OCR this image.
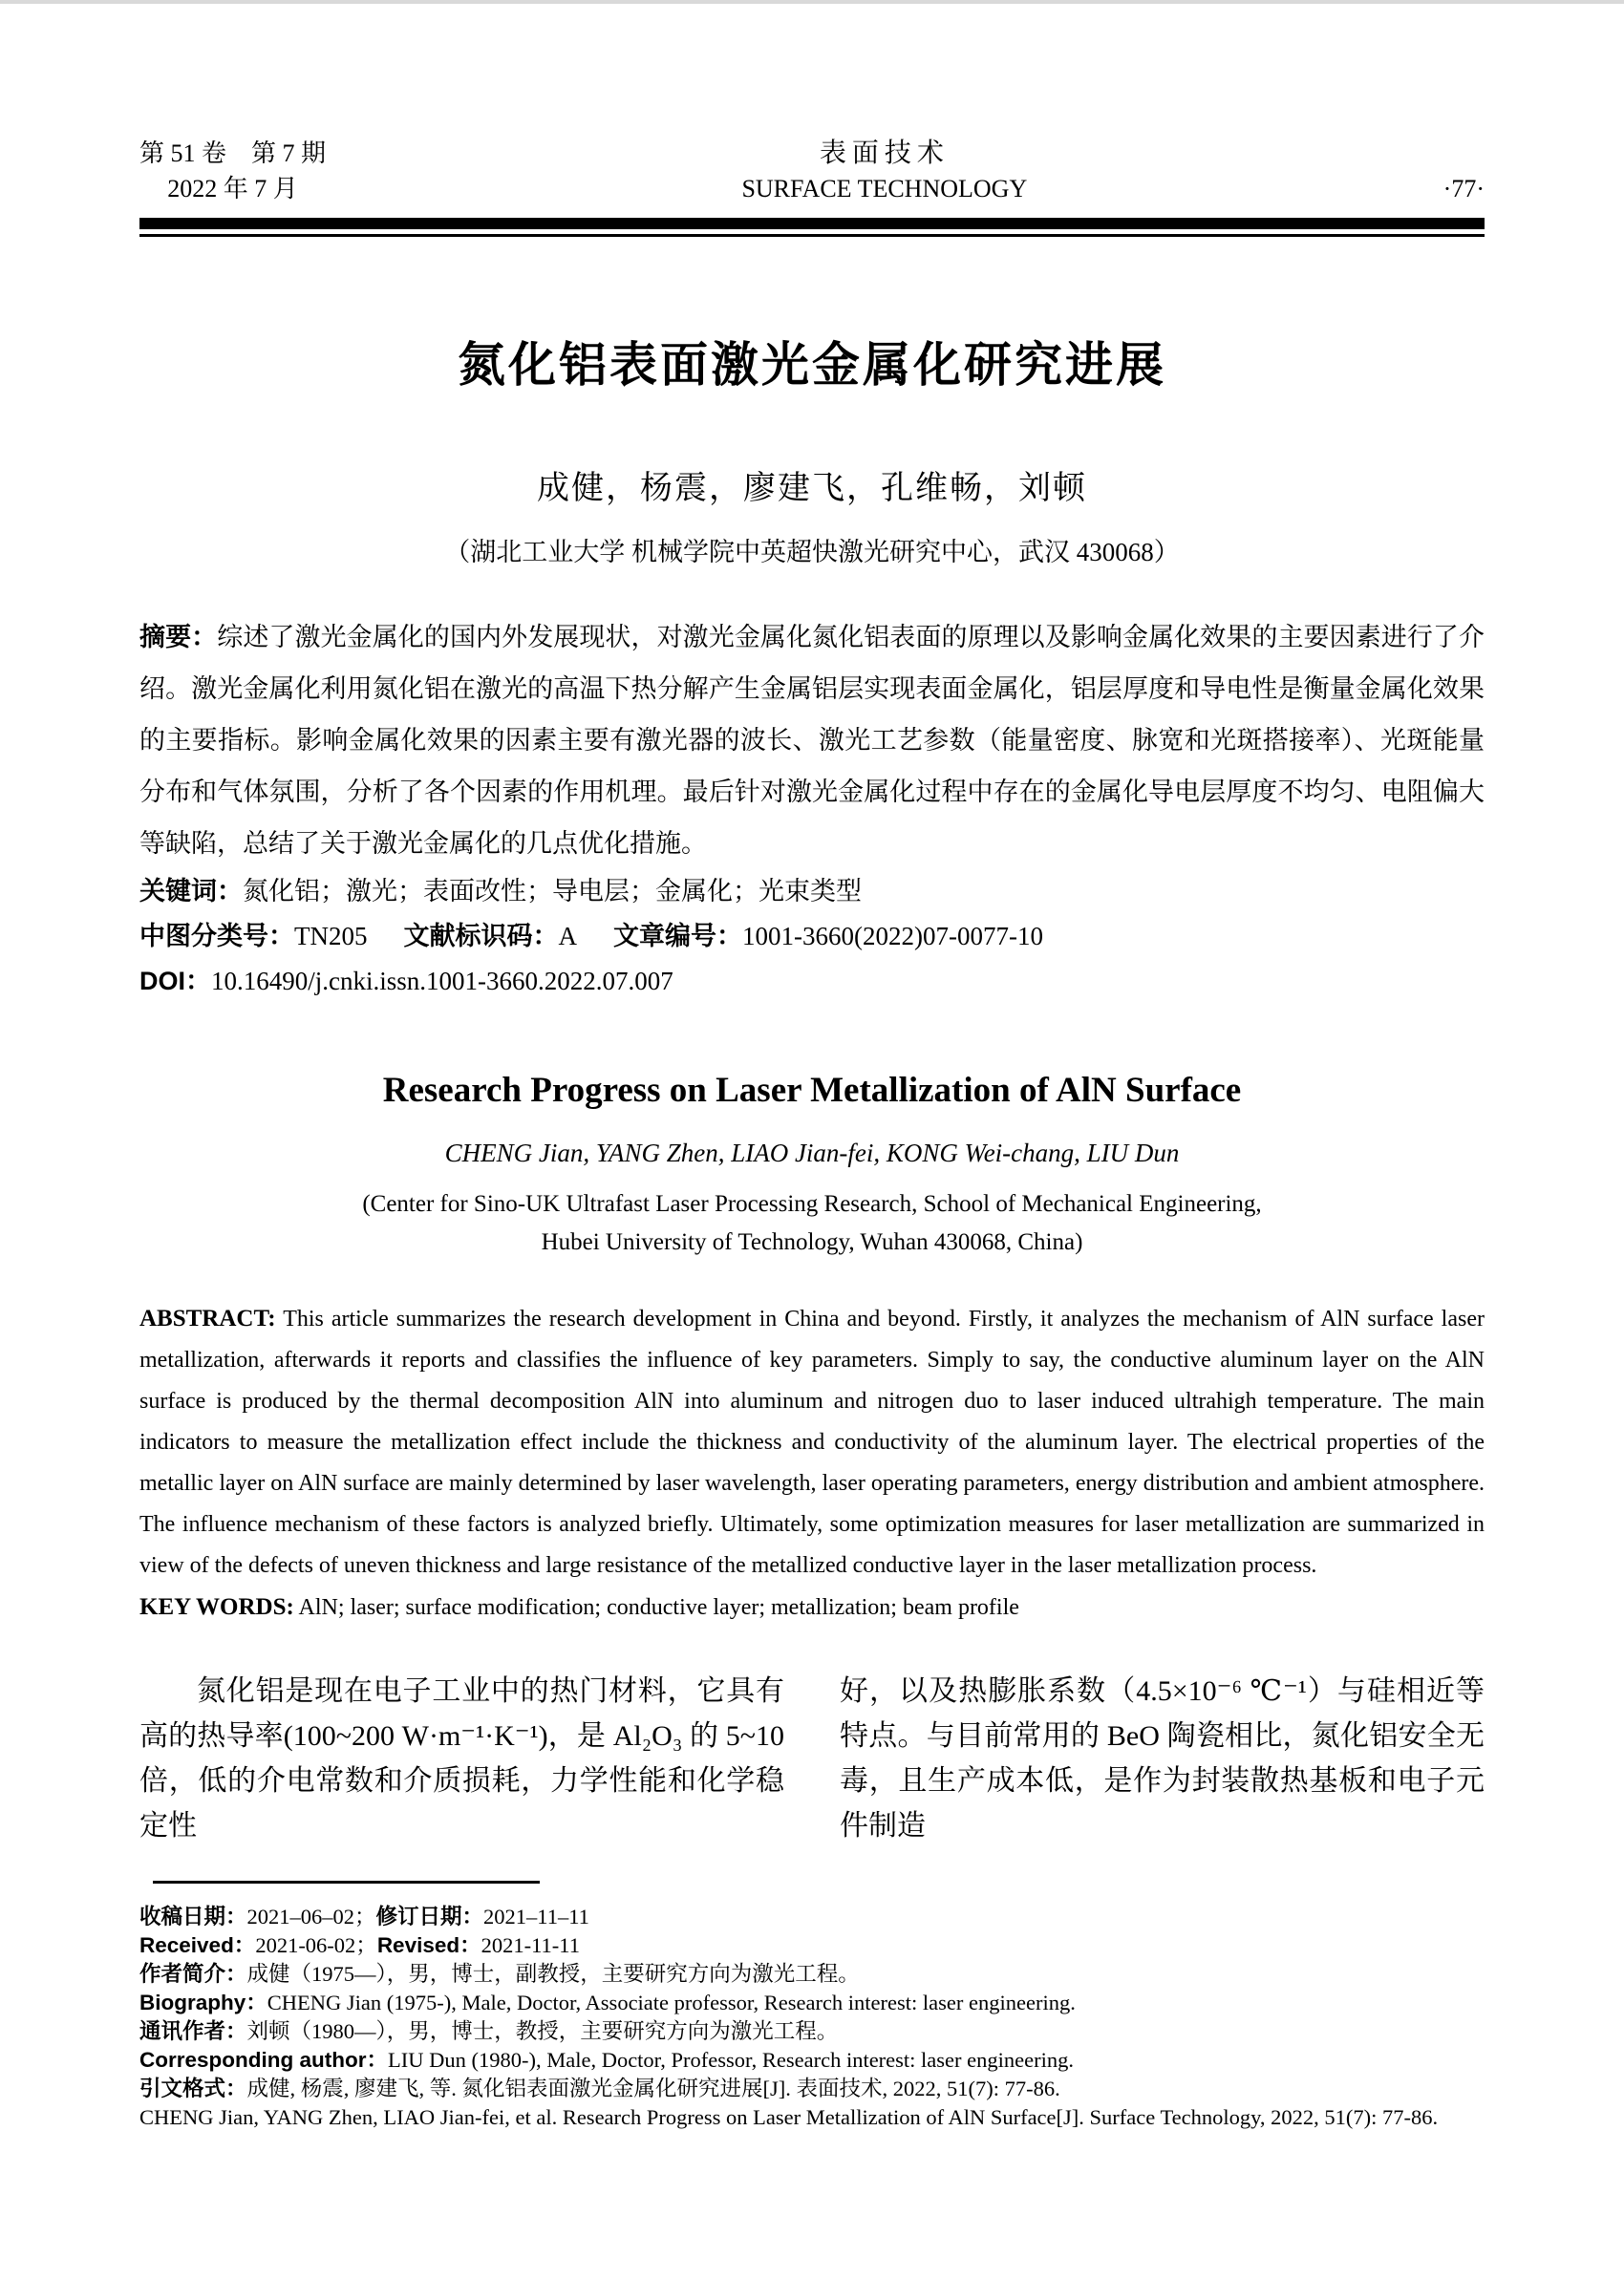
第 51 卷　第 7 期
2022 年 7 月
表面技术
SURFACE TECHNOLOGY	·77·
氮化铝表面激光金属化研究进展
成健，杨震，廖建飞，孔维畅，刘顿
（湖北工业大学 机械学院中英超快激光研究中心，武汉 430068）

摘要：综述了激光金属化的国内外发展现状，对激光金属化氮化铝表面的原理以及影响金属化效果的主要因素进行了介绍。激光金属化利用氮化铝在激光的高温下热分解产生金属铝层实现表面金属化，铝层厚度和导电性是衡量金属化效果的主要指标。影响金属化效果的因素主要有激光器的波长、激光工艺参数（能量密度、脉宽和光斑搭接率）、光斑能量分布和气体氛围，分析了各个因素的作用机理。最后针对激光金属化过程中存在的金属化导电层厚度不均匀、电阻偏大等缺陷，总结了关于激光金属化的几点优化措施。

关键词：氮化铝；激光；表面改性；导电层；金属化；光束类型

中图分类号：TN205 文献标识码：A 文章编号：1001-3660(2022)07-0077-10

DOI：10.16490/j.cnki.issn.1001-3660.2022.07.007

Research Progress on Laser Metallization of AlN Surface
CHENG Jian, YANG Zhen, LIAO Jian-fei, KONG Wei-chang, LIU Dun
(Center for Sino-UK Ultrafast Laser Processing Research, School of Mechanical Engineering,
Hubei University of Technology, Wuhan 430068, China)

ABSTRACT: This article summarizes the research development in China and beyond. Firstly, it analyzes the mechanism of AlN surface laser metallization, afterwards it reports and classifies the influence of key parameters. Simply to say, the conductive aluminum layer on the AlN surface is produced by the thermal decomposition AlN into aluminum and nitrogen duo to laser induced ultrahigh temperature. The main indicators to measure the metallization effect include the thickness and conductivity of the aluminum layer. The electrical properties of the metallic layer on AlN surface are mainly determined by laser wavelength, laser operating parameters, energy distribution and ambient atmosphere. The influence mechanism of these factors is analyzed briefly. Ultimately, some optimization measures for laser metallization are summarized in view of the defects of uneven thickness and large resistance of the metallized conductive layer in the laser metallization process.

KEY WORDS: AlN; laser; surface modification; conductive layer; metallization; beam profile

氮化铝是现在电子工业中的热门材料，它具有高的热导率(100~200 W·m⁻¹·K⁻¹)，是 Al₂O₃ 的 5~10 倍，低的介电常数和介质损耗，力学性能和化学稳定性

好，以及热膨胀系数（4.5×10⁻⁶ ℃⁻¹）与硅相近等特点。与目前常用的 BeO 陶瓷相比，氮化铝安全无毒，且生产成本低，是作为封装散热基板和电子元件制造

收稿日期：2021–06–02；修订日期：2021–11–11

Received：2021-06-02；Revised：2021-11-11

作者简介：成健（1975—），男，博士，副教授，主要研究方向为激光工程。

Biography：CHENG Jian (1975-), Male, Doctor, Associate professor, Research interest: laser engineering.

通讯作者：刘顿（1980—），男，博士，教授，主要研究方向为激光工程。

Corresponding author：LIU Dun (1980-), Male, Doctor, Professor, Research interest: laser engineering.

引文格式：成健, 杨震, 廖建飞, 等. 氮化铝表面激光金属化研究进展[J]. 表面技术, 2022, 51(7): 77-86.

CHENG Jian, YANG Zhen, LIAO Jian-fei, et al. Research Progress on Laser Metallization of AlN Surface[J]. Surface Technology, 2022, 51(7): 77-86.
